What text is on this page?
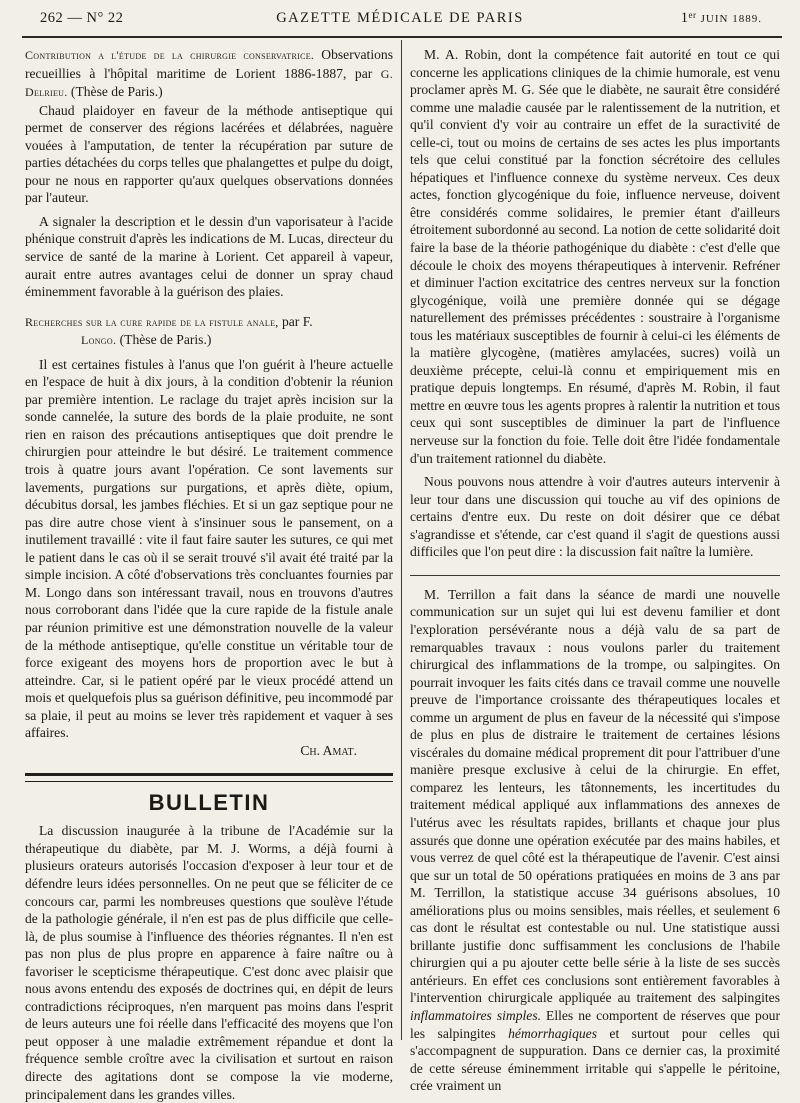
262 — N° 22	GAZETTE MÉDICALE DE PARIS	1er JUIN 1889.

Contribution a l'étude de la chirurgie conservatrice. Observations recueillies à l'hôpital maritime de Lorient 1886-1887, par G. Delrieu. (Thèse de Paris.)

Chaud plaidoyer en faveur de la méthode antiseptique qui permet de conserver des régions lacérées et délabrées, naguère vouées à l'amputation, de tenter la récupération par suture de parties détachées du corps telles que phalangettes et pulpe du doigt, pour ne nous en rapporter qu'aux quelques observations données par l'auteur.

A signaler la description et le dessin d'un vaporisateur à l'acide phénique construit d'après les indications de M. Lucas, directeur du service de santé de la marine à Lorient. Cet appareil à vapeur, aurait entre autres avantages celui de donner un spray chaud éminemment favorable à la guérison des plaies.

Recherches sur la cure rapide de la fistule anale, par F.
Longo. (Thèse de Paris.)

Il est certaines fistules à l'anus que l'on guérit à l'heure actuelle en l'espace de huit à dix jours, à la condition d'obtenir la réunion par première intention. Le raclage du trajet après incision sur la sonde cannelée, la suture des bords de la plaie produite, ne sont rien en raison des précautions antiseptiques que doit prendre le chirurgien pour atteindre le but désiré. Le traitement commence trois à quatre jours avant l'opération. Ce sont lavements sur lavements, purgations sur purgations, et après diète, opium, décubitus dorsal, les jambes fléchies. Et si un gaz septique pour ne pas dire autre chose vient à s'insinuer sous le pansement, on a inutilement travaillé : vite il faut faire sauter les sutures, ce qui met le patient dans le cas où il se serait trouvé s'il avait été traité par la simple incision. A côté d'observations très concluantes fournies par M. Longo dans son intéressant travail, nous en trouvons d'autres nous corroborant dans l'idée que la cure rapide de la fistule anale par réunion primitive est une démonstration nouvelle de la valeur de la méthode antiseptique, qu'elle constitue un véritable tour de force exigeant des moyens hors de proportion avec le but à atteindre. Car, si le patient opéré par le vieux procédé attend un mois et quelquefois plus sa guérison définitive, peu incommodé par sa plaie, il peut au moins se lever très rapidement et vaquer à ses affaires.

Ch. Amat.

BULLETIN

La discussion inaugurée à la tribune de l'Académie sur la thérapeutique du diabète, par M. J. Worms, a déjà fourni à plusieurs orateurs autorisés l'occasion d'exposer à leur tour et de défendre leurs idées personnelles. On ne peut que se féliciter de ce concours car, parmi les nombreuses questions que soulève l'étude de la pathologie générale, il n'en est pas de plus difficile que celle-là, de plus soumise à l'influence des théories régnantes. Il n'en est pas non plus de plus propre en apparence à faire naître ou à favoriser le scepticisme thérapeutique. C'est donc avec plaisir que nous avons entendu des exposés de doctrines qui, en dépit de leurs contradictions réciproques, n'en marquent pas moins dans l'esprit de leurs auteurs une foi réelle dans l'efficacité des moyens que l'on peut opposer à une maladie extrêmement répandue et dont la fréquence semble croître avec la civilisation et surtout en raison directe des agitations dont se compose la vie moderne, principalement dans les grandes villes.

M. A. Robin, dont la compétence fait autorité en tout ce qui concerne les applications cliniques de la chimie humorale, est venu proclamer après M. G. Sée que le diabète, ne saurait être considéré comme une maladie causée par le ralentissement de la nutrition, et qu'il convient d'y voir au contraire un effet de la suractivité de celle-ci, tout ou moins de certains de ses actes les plus importants tels que celui constitué par la fonction sécrétoire des cellules hépatiques et l'influence connexe du système nerveux. Ces deux actes, fonction glycogénique du foie, influence nerveuse, doivent être considérés comme solidaires, le premier étant d'ailleurs étroitement subordonné au second. La notion de cette solidarité doit faire la base de la théorie pathogénique du diabète : c'est d'elle que découle le choix des moyens thérapeutiques à intervenir. Refréner et diminuer l'action excitatrice des centres nerveux sur la fonction glycogénique, voilà une première donnée qui se dégage naturellement des prémisses précédentes : soustraire à l'organisme tous les matériaux susceptibles de fournir à celui-ci les éléments de la matière glycogène, (matières amylacées, sucres) voilà un deuxième précepte, celui-là connu et empiriquement mis en pratique depuis longtemps. En résumé, d'après M. Robin, il faut mettre en œuvre tous les agents propres à ralentir la nutrition et tous ceux qui sont susceptibles de diminuer la part de l'influence nerveuse sur la fonction du foie. Telle doit être l'idée fondamentale d'un traitement rationnel du diabète.

Nous pouvons nous attendre à voir d'autres auteurs intervenir à leur tour dans une discussion qui touche au vif des opinions de certains d'entre eux. Du reste on doit désirer que ce débat s'agrandisse et s'étende, car c'est quand il s'agit de questions aussi difficiles que l'on peut dire : la discussion fait naître la lumière.

M. Terrillon a fait dans la séance de mardi une nouvelle communication sur un sujet qui lui est devenu familier et dont l'exploration persévérante nous a déjà valu de sa part de remarquables travaux : nous voulons parler du traitement chirurgical des inflammations de la trompe, ou salpingites. On pourrait invoquer les faits cités dans ce travail comme une nouvelle preuve de l'importance croissante des thérapeutiques locales et comme un argument de plus en faveur de la nécessité qui s'impose de plus en plus de distraire le traitement de certaines lésions viscérales du domaine médical proprement dit pour l'attribuer d'une manière presque exclusive à celui de la chirurgie. En effet, comparez les lenteurs, les tâtonnements, les incertitudes du traitement médical appliqué aux inflammations des annexes de l'utérus avec les résultats rapides, brillants et chaque jour plus assurés que donne une opération exécutée par des mains habiles, et vous verrez de quel côté est la thérapeutique de l'avenir. C'est ainsi que sur un total de 50 opérations pratiquées en moins de 3 ans par M. Terrillon, la statistique accuse 34 guérisons absolues, 10 améliorations plus ou moins sensibles, mais réelles, et seulement 6 cas dont le résultat est contestable ou nul. Une statistique aussi brillante justifie donc suffisamment les conclusions de l'habile chirurgien qui a pu ajouter cette belle série à la liste de ses succès antérieurs. En effet ces conclusions sont entièrement favorables à l'intervention chirurgicale appliquée au traitement des salpingites inflammatoires simples. Elles ne comportent de réserves que pour les salpingites hémorrhagiques et surtout pour celles qui s'accompagnent de suppuration. Dans ce dernier cas, la proximité de cette séreuse éminemment irritable qui s'appelle le péritoine, crée vraiment un
